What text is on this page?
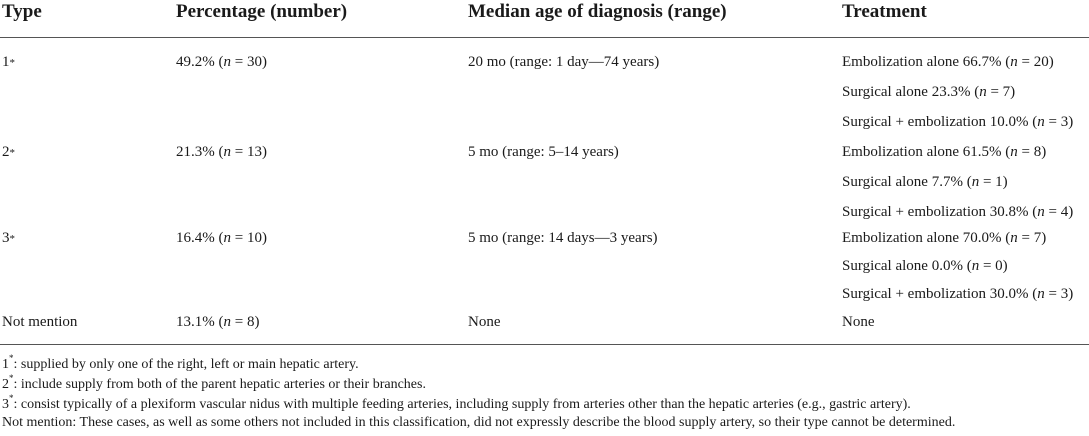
Type	Percentage (number)	Median age of diagnosis (range)	Treatment
1*	49.2% (n = 30)	20 mo (range: 1 day—74 years)	Embolization alone 66.7% (n = 20)
Surgical alone 23.3% (n = 7)
Surgical + embolization 10.0% (n = 3)
2*	21.3% (n = 13)	5 mo (range: 5–14 years)	Embolization alone 61.5% (n = 8)
Surgical alone 7.7% (n = 1)
Surgical + embolization 30.8% (n = 4)
3*	16.4% (n = 10)	5 mo (range: 14 days—3 years)	Embolization alone 70.0% (n = 7)
Surgical alone 0.0% (n = 0)
Surgical + embolization 30.0% (n = 3)
Not mention	13.1% (n = 8)	None	None
1*: supplied by only one of the right, left or main hepatic artery.
2*: include supply from both of the parent hepatic arteries or their branches.
3*: consist typically of a plexiform vascular nidus with multiple feeding arteries, including supply from arteries other than the hepatic arteries (e.g., gastric artery).
Not mention: These cases, as well as some others not included in this classification, did not expressly describe the blood supply artery, so their type cannot be determined.
